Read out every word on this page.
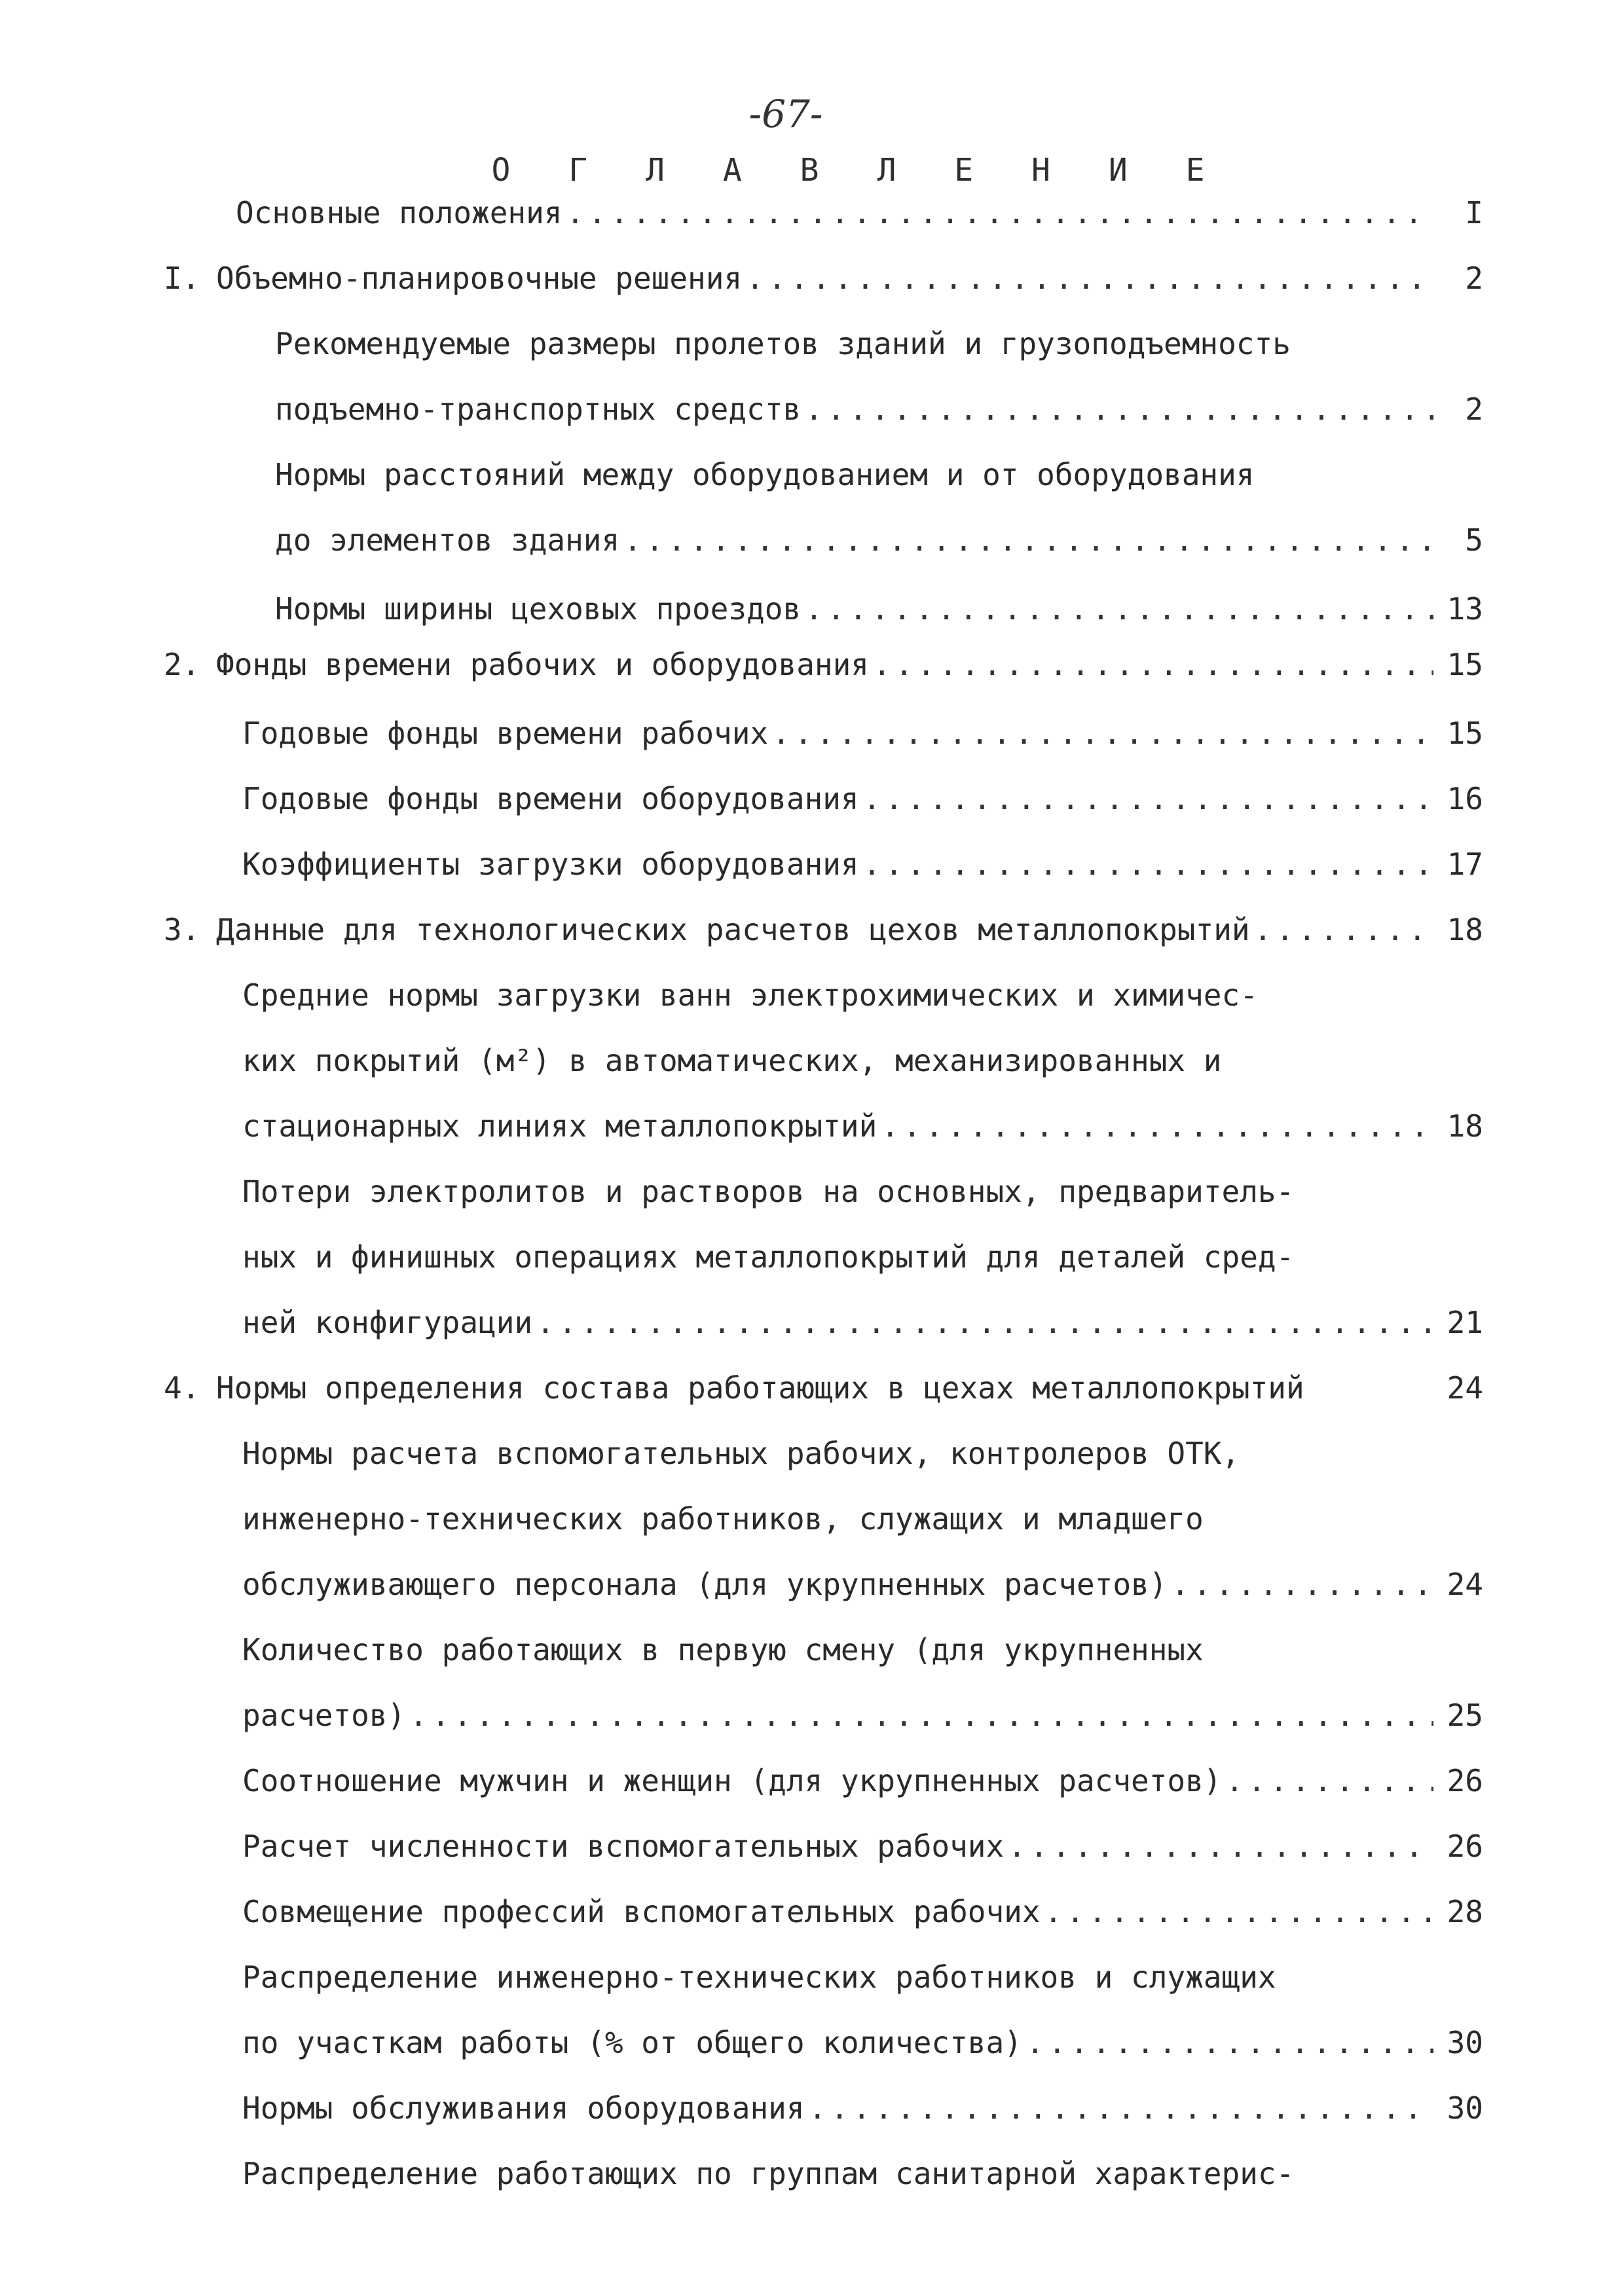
-67-
О Г Л А В Л Е Н И Е
Основные положения .....	I
I. Объемно-планировочные решения .....	2
Рекомендуемые размеры пролетов зданий и грузоподъемность
подъемно-транспортных средств .....	2
Нормы расстояний между оборудованием и от оборудования
до элементов здания .....	5
Нормы ширины цеховых проездов .....	13
2. Фонды времени рабочих и оборудования .....	15
Годовые фонды времени рабочих .....	15
Годовые фонды времени оборудования .....	16
Коэффициенты загрузки оборудования .....	17
3. Данные для технологических расчетов цехов металлопокрытий .....	18
Средние нормы загрузки ванн электрохимических и химичес-
ких покрытий (м²) в автоматических, механизированных и
стационарных линиях металлопокрытий .....	18
Потери электролитов и растворов на основных, предваритель-
ных и финишных операциях металлопокрытий для деталей сред-
ней конфигурации .....	21
4. Нормы определения состава работающих в цехах металлопокрытий	24
Нормы расчета вспомогательных рабочих, контролеров ОТК,
инженерно-технических работников, служащих и младшего
обслуживающего персонала (для укрупненных расчетов) .....	24
Количество работающих в первую смену (для укрупненных
расчетов) .....	25
Соотношение мужчин и женщин (для укрупненных расчетов) .....	26
Расчет численности вспомогательных рабочих .....	26
Совмещение профессий вспомогательных рабочих .....	28
Распределение инженерно-технических работников и служащих
по участкам работы (% от общего количества) .....	30
Нормы обслуживания оборудования .....	30
Распределение работающих по группам санитарной характерис-
